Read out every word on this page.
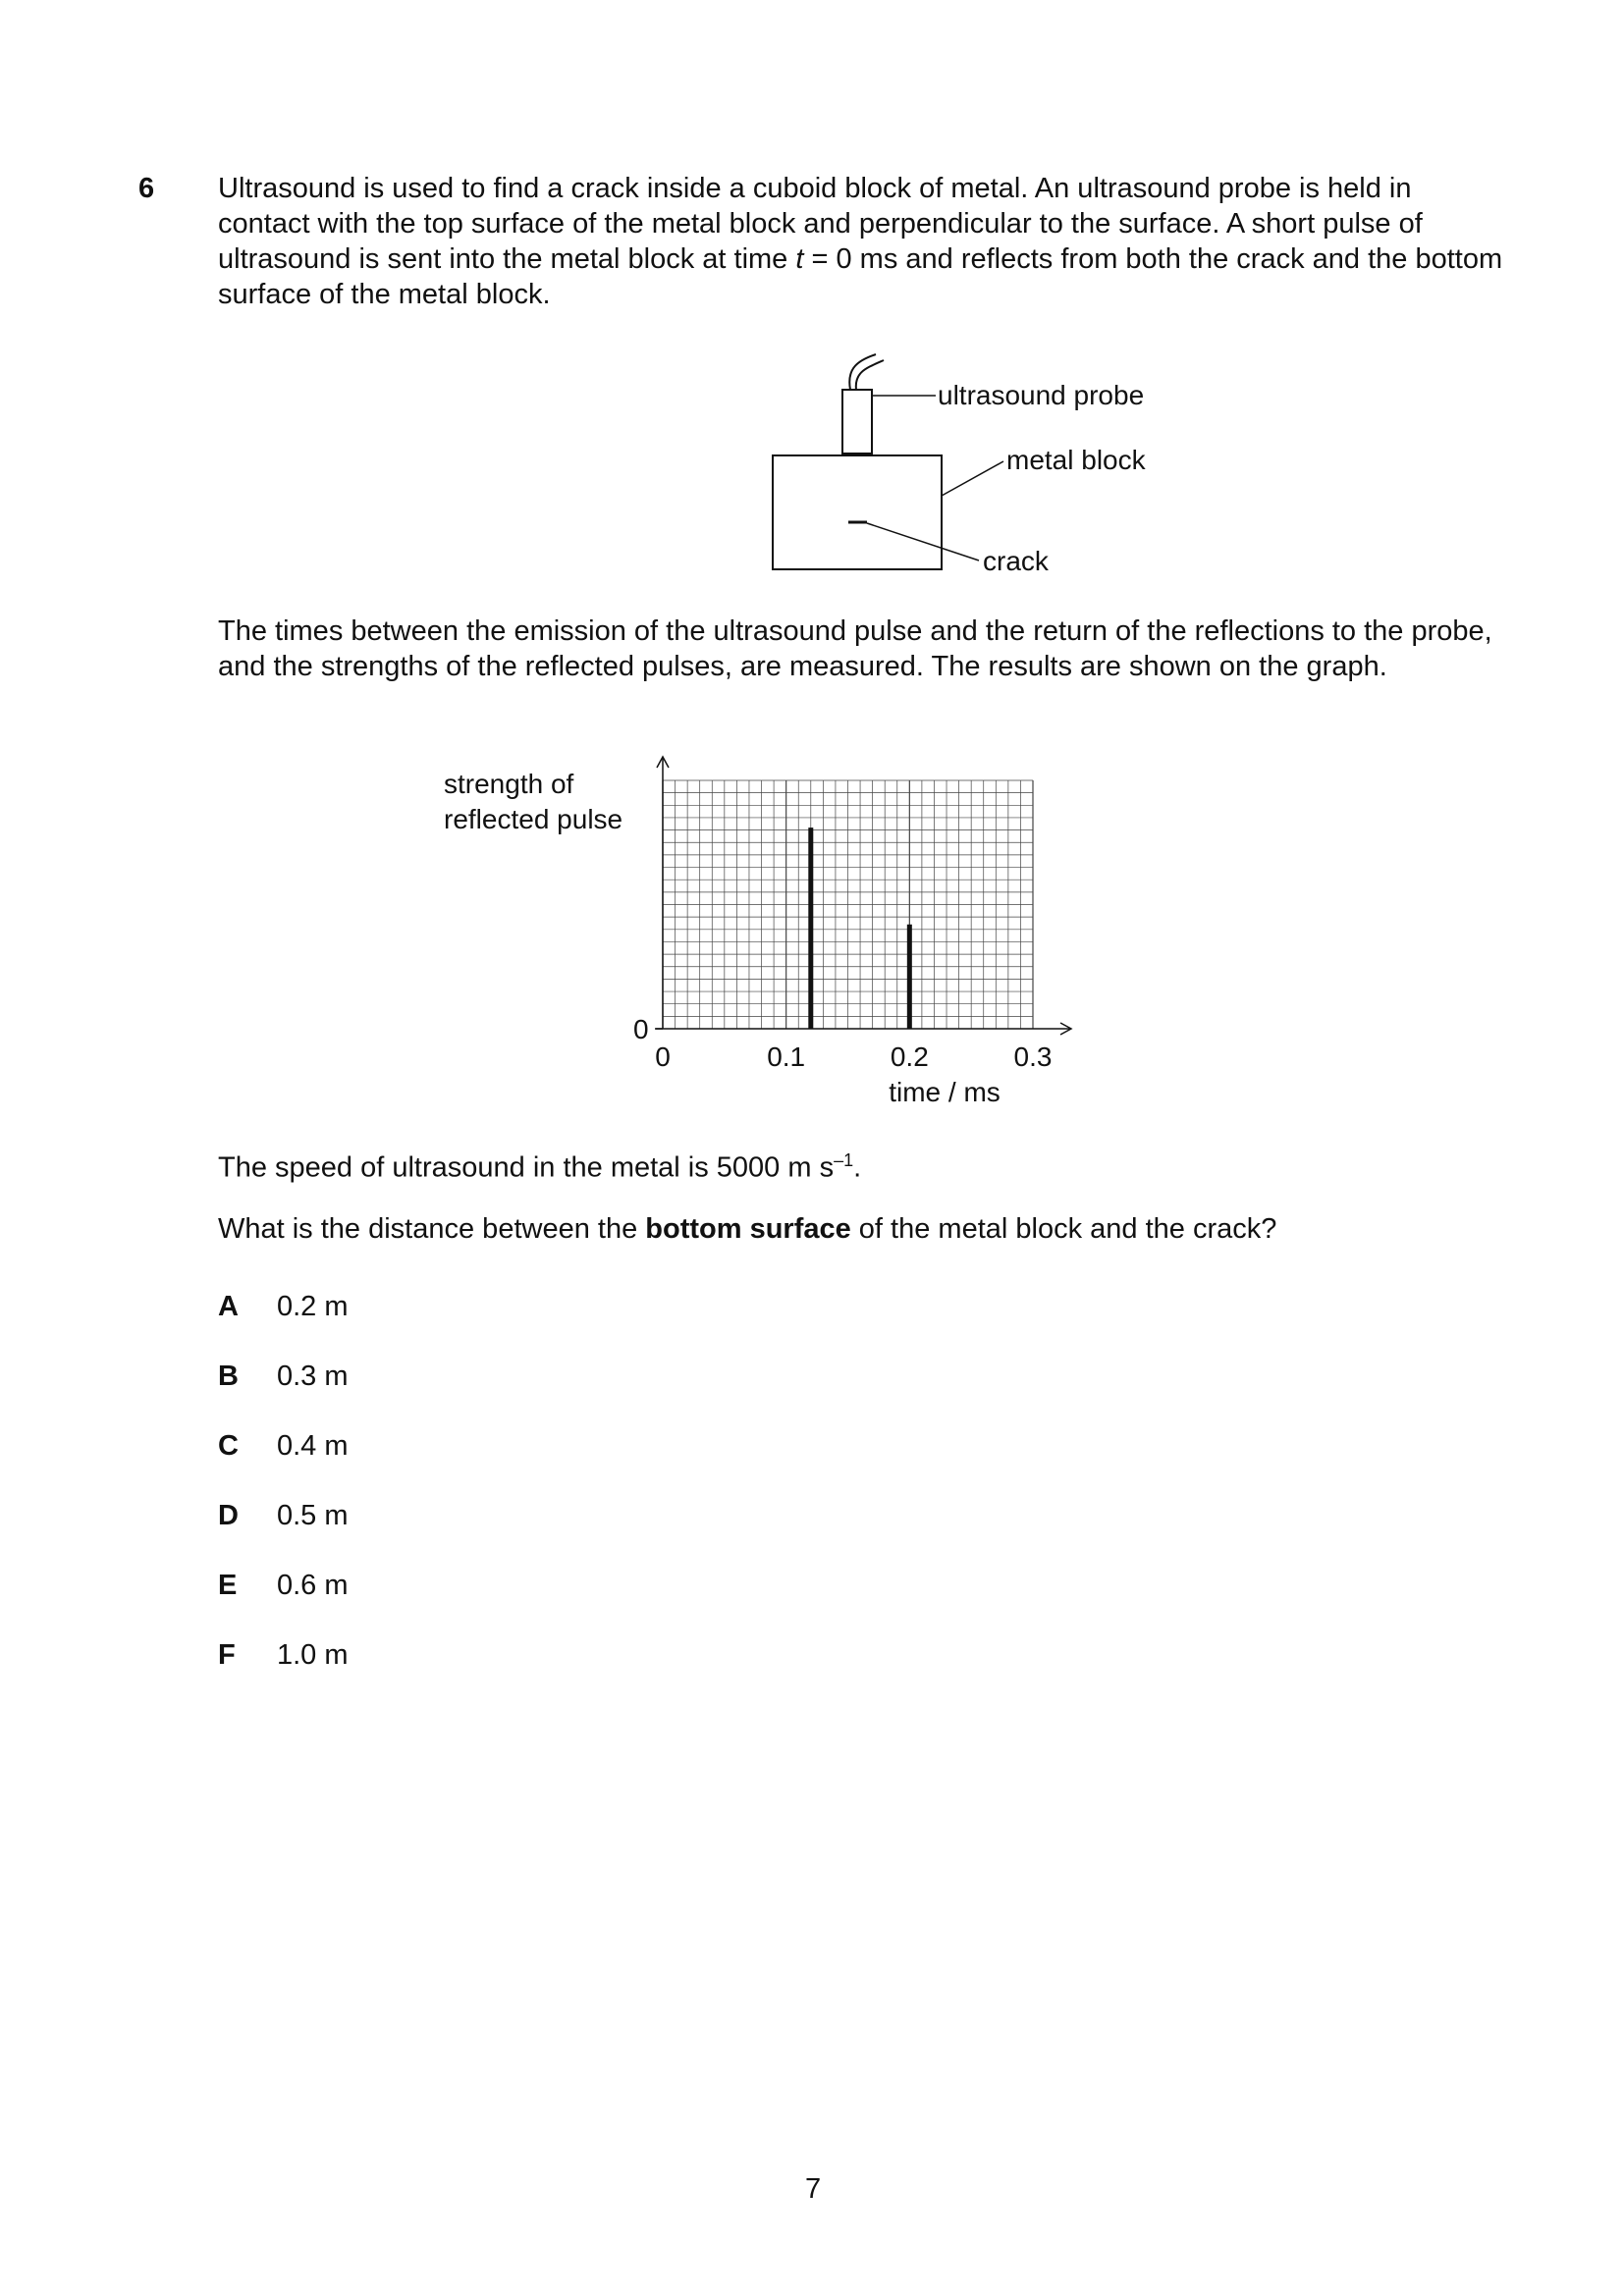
6 Ultrasound is used to find a crack inside a cuboid block of metal. An ultrasound probe is held in contact with the top surface of the metal block and perpendicular to the surface. A short pulse of ultrasound is sent into the metal block at time t = 0 ms and reflects from both the crack and the bottom surface of the metal block.

ultrasound probe
metal block
crack

The times between the emission of the ultrasound pulse and the return of the reflections to the probe, and the strengths of the reflected pulses, are measured. The results are shown on the graph.

0
strength of
reflected pulse
0	0.1	0.2	0.3
time / ms

The speed of ultrasound in the metal is 5000 m $s^{-1}$.

What is the distance between the bottom surface of the metal block and the crack?

A 0.2 m
B 0.3 m
C 0.4 m
D 0.5 m
E 0.6 m
F 1.0 m
7
